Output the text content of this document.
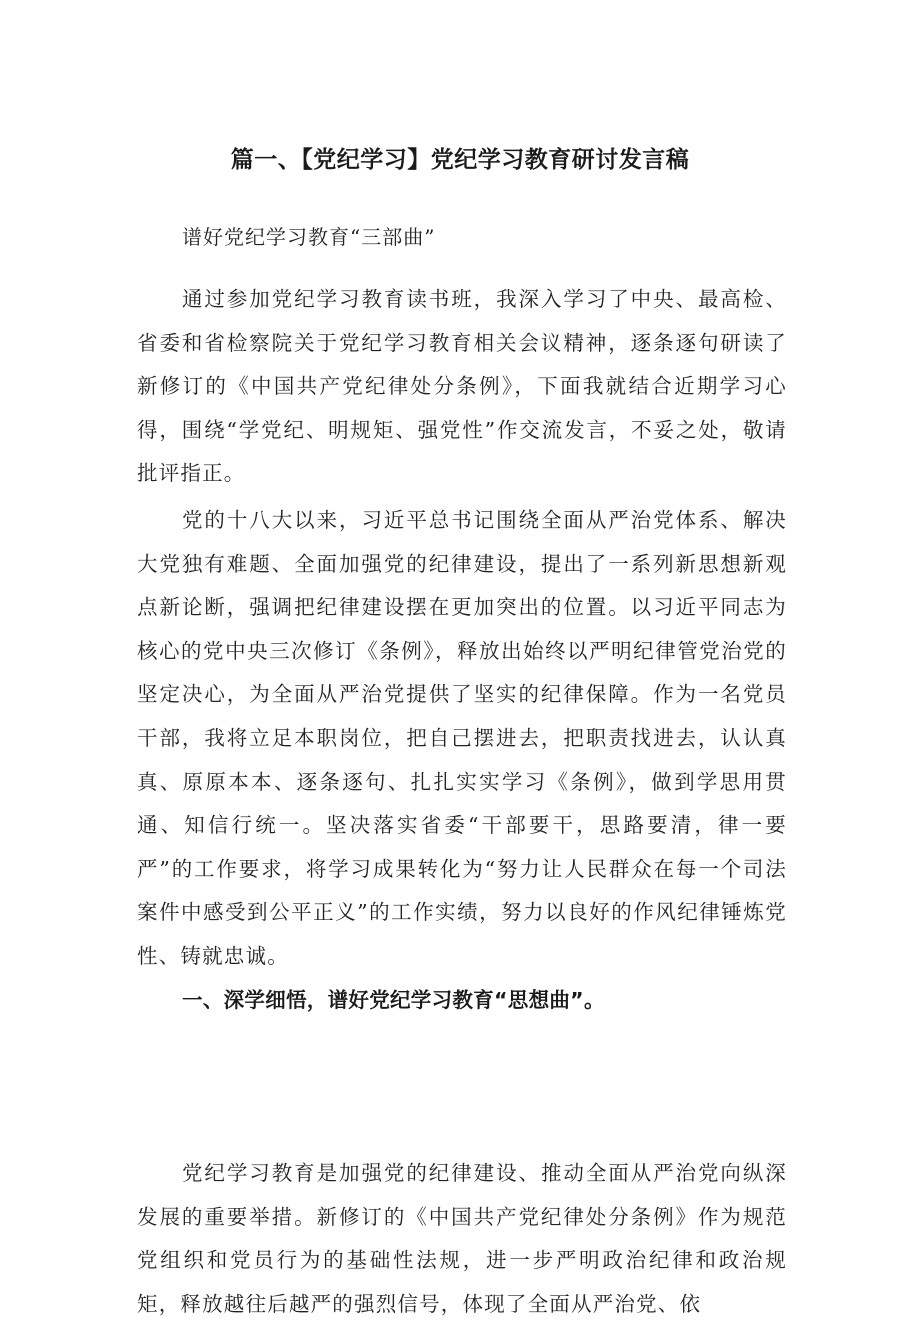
篇一、【党纪学习】党纪学习教育研讨发言稿
谱好党纪学习教育“三部曲”

通过参加党纪学习教育读书班，我深入学习了中央、最高检、省委和省检察院关于党纪学习教育相关会议精神，逐条逐句研读了新修订的《中国共产党纪律处分条例》，下面我就结合近期学习心得，围绕“学党纪、明规矩、强党性”作交流发言，不妥之处，敬请批评指正。

党的十八大以来，习近平总书记围绕全面从严治党体系、解决大党独有难题、全面加强党的纪律建设，提出了一系列新思想新观点新论断，强调把纪律建设摆在更加突出的位置。以习近平同志为核心的党中央三次修订《条例》，释放出始终以严明纪律管党治党的坚定决心，为全面从严治党提供了坚实的纪律保障。作为一名党员干部，我将立足本职岗位，把自己摆进去，把职责找进去，认认真真、原原本本、逐条逐句、扎扎实实学习《条例》，做到学思用贯通、知信行统一。坚决落实省委“干部要干，思路要清，律一要严”的工作要求，将学习成果转化为“努力让人民群众在每一个司法案件中感受到公平正义”的工作实绩，努力以良好的作风纪律锤炼党性、铸就忠诚。

一、深学细悟，谱好党纪学习教育“思想曲”。

党纪学习教育是加强党的纪律建设、推动全面从严治党向纵深发展的重要举措。新修订的《中国共产党纪律处分条例》作为规范党组织和党员行为的基础性法规，进一步严明政治纪律和政治规矩，释放越往后越严的强烈信号，体现了全面从严治党、依
